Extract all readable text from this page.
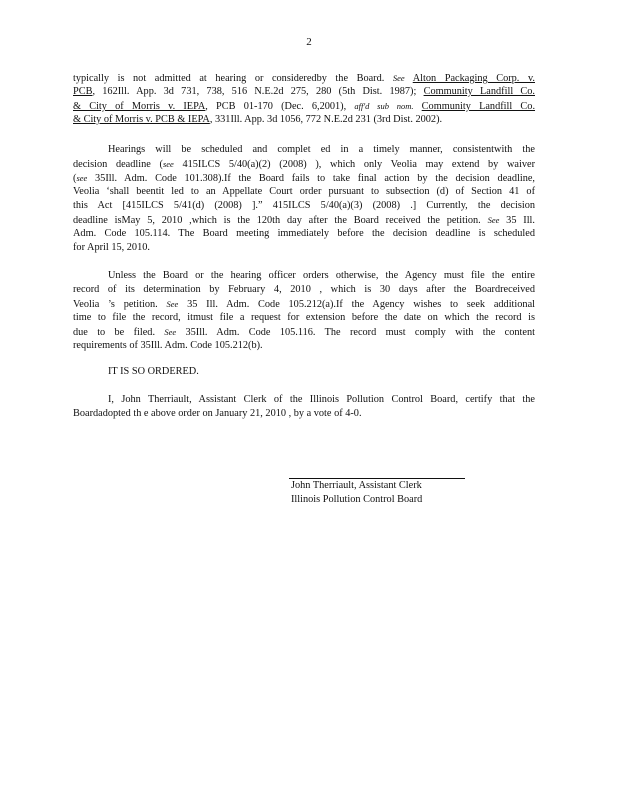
2
typically is not admitted at hearing or consideredby the Board. See Alton Packaging Corp. v.
PCB, 162Ill. App. 3d 731, 738, 516 N.E.2d 275, 280 (5th Dist. 1987); Community Landfill Co.
& City of Morris v. IEPA, PCB 01-170 (Dec. 6,2001), aff'd sub nom. Community Landfill Co.
& City of Morris v. PCB & IEPA, 331Ill. App. 3d 1056, 772 N.E.2d 231 (3rd Dist. 2002).
Hearings will be scheduled and complet ed in a timely manner, consistentwith the
decision deadline (see 415ILCS 5/40(a)(2) (2008) ), which only Veolia may extend by waiver
(see 35Ill. Adm. Code 101.308).If the Board fails to take final action by the decision deadline,
Veolia ‘shall beentit led to an Appellate Court order pursuant to subsection (d) of Section 41 of
this Act [415ILCS 5/41(d) (2008) ].” 415ILCS 5/40(a)(3) (2008) .] Currently, the decision
deadline isMay 5, 2010 ,which is the 120th day after the Board received the petition. See 35 Ill.
Adm. Code 105.114. The Board meeting immediately before the decision deadline is scheduled
for April 15, 2010.
Unless the Board or the hearing officer orders otherwise, the Agency must file the entire
record of its determination by February 4, 2010 , which is 30 days after the Boardreceived
Veolia ’s petition. See 35 Ill. Adm. Code 105.212(a).If the Agency wishes to seek additional
time to file the record, itmust file a request for extension before the date on which the record is
due to be filed. See 35Ill. Adm. Code 105.116. The record must comply with the content
requirements of 35Ill. Adm. Code 105.212(b).
IT IS SO ORDERED.
I, John Therriault, Assistant Clerk of the Illinois Pollution Control Board, certify that the
Boardadopted th e above order on January 21, 2010 , by a vote of 4-0.
John Therriault, Assistant Clerk
Illinois Pollution Control Board
